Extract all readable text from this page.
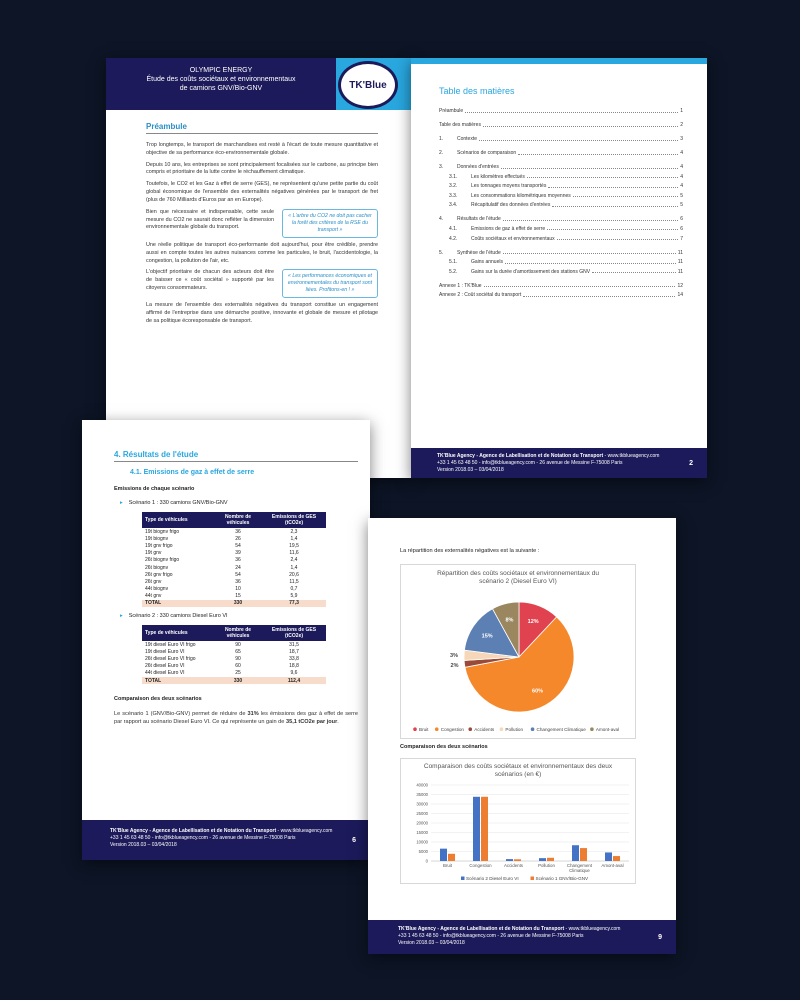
OLYMPIC ENERGY
Étude des coûts sociétaux et environnementaux
de camions GNV/Bio-GNV	TK'Blue
Préambule

Trop longtemps, le transport de marchandises est resté à l'écart de toute mesure quantitative et objective de sa performance éco-environnementale globale.

Depuis 10 ans, les entreprises se sont principalement focalisées sur le carbone, au principe bien compris et prioritaire de la lutte contre le réchauffement climatique.

Toutefois, le CO2 et les Gaz à effet de serre (GES), ne représentent qu'une petite partie du coût global économique de l'ensemble des externalités négatives générées par le transport de fret (plus de 760 Milliards d'Euros par an en Europe).

Bien que nécessaire et indispensable, cette seule mesure du CO2 ne saurait donc refléter la dimension environnementale globale du transport.

« L'arbre du CO2 ne doit pas cacher la forêt des critères de la RSE du transport »

Une réelle politique de transport éco-performante doit aujourd'hui, pour être crédible, prendre aussi en compte toutes les autres nuisances comme les particules, le bruit, l'accidentologie, la congestion, la pollution de l'air, etc.

L'objectif prioritaire de chacun des acteurs doit être de baisser ce « coût sociétal » supporté par les citoyens consommateurs.

« Les performances économiques et environnementales du transport sont liées. Profitons-en ! »

La mesure de l'ensemble des externalités négatives du transport constitue un engagement affirmé de l'entreprise dans une démarche positive, innovante et globale de mesure et pilotage de sa politique écoresponsable de transport.

Table des matières
Préambule	1
Table des matières	2
1.	Contexte	3
2.	Scénarios de comparaison	4
3.	Données d'entrées	4
3.1.	Les kilomètres effectués	4
3.2.	Les tonnages moyens transportés	4
3.3.	Les consommations kilométriques moyennes	5
3.4.	Récapitulatif des données d'entrées	5
4.	Résultats de l'étude	6
4.1.	Emissions de gaz à effet de serre	6
4.2.	Coûts sociétaux et environnementaux	7
5.	Synthèse de l'étude	11
5.1.	Gains annuels	11
5.2.	Gains sur la durée d'amortissement des stations GNV	11
Annexe 1 : TK'Blue	12
Annexe 2 : Coût sociétal du transport	14
TK'Blue Agency - Agence de Labellisation et de Notation du Transport - www.tkblueagency.com
+33 1 45 63 48 50 - info@tkblueagency.com - 26 avenue de Messine F-75008 Paris
Version 2018.03 – 03/04/2018
2
4. Résultats de l'étude
4.1. Emissions de gaz à effet de serre
Emissions de chaque scénario
▸ Scénario 1 : 330 camions GNV/Bio-GNV
Type de véhicules	Nombre de véhicules	Emissions de GES (tCO2e)
19t biognv frigo	36	2,3
19t biognv	26	1,4
19t gnv frigo	54	19,5
19t gnv	39	11,6
26t biognv frigo	36	2,4
26t biognv	24	1,4
26t gnv frigo	54	20,6
26t gnv	36	11,5
44t biognv	10	0,7
44t gnv	15	5,9
TOTAL	330	77,3
▸ Scénario 2 : 330 camions Diesel Euro VI
Type de véhicules	Nombre de véhicules	Emissions de GES (tCO2e)
19t diesel Euro VI frigo	90	31,5
19t diesel Euro VI	65	18,7
26t diesel Euro VI frigo	90	33,8
26t diesel Euro VI	60	18,8
44t diesel Euro VI	25	9,6
TOTAL	330	112,4
Comparaison des deux scénarios

Le scénario 1 (GNV/Bio-GNV) permet de réduire de 31% les émissions des gaz à effet de serre par rapport au scénario Diesel Euro VI. Ce qui représente un gain de 35,1 tCO2e par jour.

TK'Blue Agency - Agence de Labellisation et de Notation du Transport - www.tkblueagency.com
+33 1 45 63 48 50 - info@tkblueagency.com - 26 avenue de Messine F-75008 Paris
Version 2018.03 – 03/04/2018
6
La répartition des externalités négatives est la suivante :
Répartition des coûts sociétaux et environnementaux du scénario 2 (Diesel Euro VI)
12%
60%
2%
3%
15%
8%
Bruit	Congestion Accidents Pollution	Changement Climatique Amont-aval
Comparaison des deux scénarios
Comparaison des coûts sociétaux et environnementaux des deux scénarios (en €)
0
5000
10000
15000
20000
25000
30000
35000
40000
Bruit	Congestion	Accidents	Pollution	Changement
Climatique
Amont-aval
Scénario 2 Diesel Euro VI	Scénario 1 GNV/Bio-GNV
TK'Blue Agency - Agence de Labellisation et de Notation du Transport - www.tkblueagency.com
+33 1 45 63 48 50 - info@tkblueagency.com - 26 avenue de Messine F-75008 Paris
Version 2018.03 – 03/04/2018
9
